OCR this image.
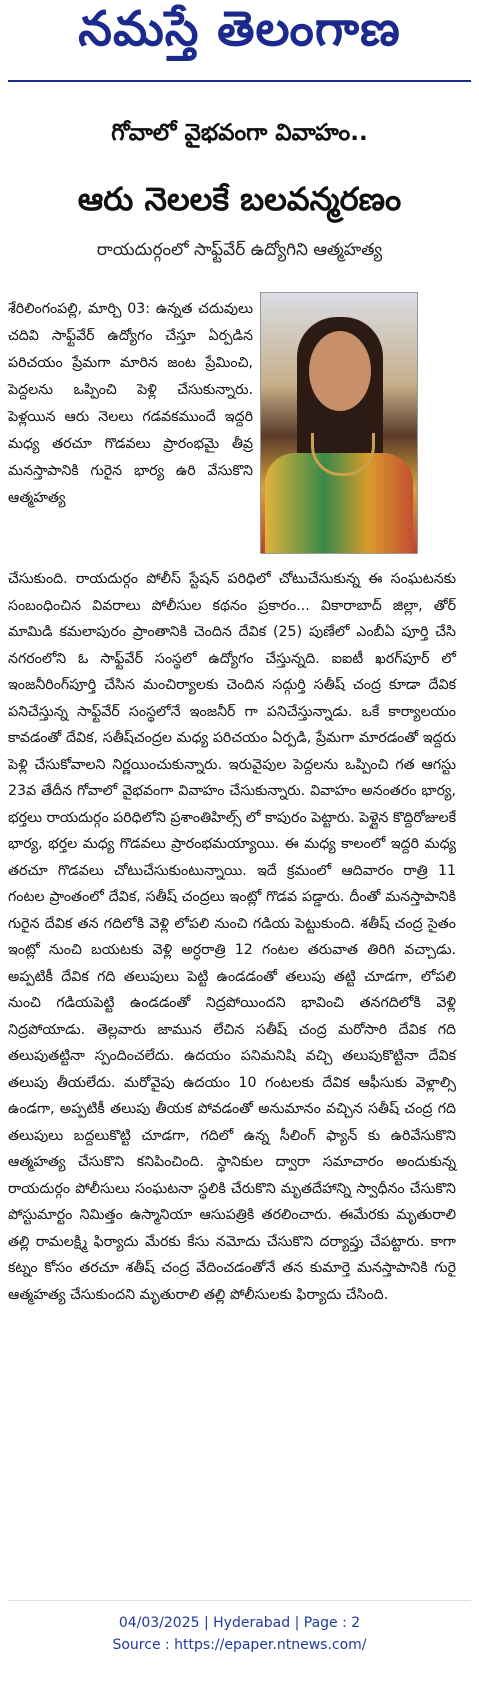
నమస్తే తెలంగాణ
గోవాలో వైభవంగా వివాహం..
ఆరు నెలలకే బలవన్మరణం
రాయదుర్గంలో సాఫ్ట్‌వేర్ ఉద్యోగిని ఆత్మహత్య
శేరిలింగంపల్లి, మార్చి 03: ఉన్నత చదువులు చదివి సాఫ్ట్‌వేర్ ఉద్యోగం చేస్తూ ఏర్పడిన పరిచయం ప్రేమగా మారిన జంట ప్రేమించి, పెద్దలను ఒప్పించి పెళ్లి చేసుకున్నారు. పెళ్లయిన ఆరు నెలలు గడవకముందే ఇద్దరి మధ్య తరచూ గొడవలు ప్రారంభమై తీవ్ర మనస్తాపానికి గురైన భార్య ఉరి వేసుకొని ఆత్మహత్య
చేసుకుంది. రాయదుర్గం పోలీస్ స్టేషన్ పరిధిలో చోటుచేసుకున్న ఈ సంఘటనకు సంబంధించిన వివరాలు పోలీసుల కథనం ప్రకారం... వికారాబాద్ జిల్లా, తోర్ మామిడి కమలాపురం ప్రాంతానికి చెందిన దేవిక (25) పుణేలో ఎంబీఏ పూర్తి చేసి నగరంలోని ఓ సాఫ్ట్‌వేర్ సంస్థలో ఉద్యోగం చేస్తున్నది. ఐఐటీ ఖరగ్‌పూర్ లో ఇంజనీరింగ్‌పూర్తి చేసిన మంచిర్యాలకు చెందిన సద్గుర్తి సతీష్ చంద్ర కూడా దేవిక పనిచేస్తున్న సాఫ్ట్‌వేర్ సంస్థలోనే ఇంజనీర్ గా పనిచేస్తున్నాడు. ఒకే కార్యాలయం కావడంతో దేవిక, సతీష్‌చంద్రల మధ్య పరిచయం ఏర్పడి, ప్రేమగా మారడంతో ఇద్దరు పెళ్లి చేసుకోవాలని నిర్ణయించుకున్నారు. ఇరువైపుల పెద్దలను ఒప్పించి గత ఆగస్టు 23వ తేదీన గోవాలో వైభవంగా వివాహం చేసుకున్నారు. వివాహం అనంతరం భార్య, భర్తలు రాయదుర్గం పరిధిలోని ప్రశాంతిహిల్స్ లో కాపురం పెట్టారు. పెళ్లైన కొద్దిరోజులకే భార్య, భర్తల మధ్య గొడవలు ప్రారంభమయ్యాయి. ఈ మధ్య కాలంలో ఇద్దరి మధ్య తరచూ గొడవలు చోటుచేసుకుంటున్నాయి. ఇదే క్రమంలో ఆదివారం రాత్రి 11 గంటల ప్రాంతంలో దేవిక, సతీష్ చంద్రలు ఇంట్లో గొడవ పడ్డారు. దీంతో మనస్తాపానికి గురైన దేవిక తన గదిలోకి వెళ్లి లోపలి నుంచి గడియ పెట్టుకుంది. శతీష్ చంద్ర సైతం ఇంట్లో నుంచి బయటకు వెళ్లి అర్ధరాత్రి 12 గంటల తరువాత తిరిగి వచ్చాడు. అప్పటికీ దేవిక గది తలుపులు పెట్టి ఉండడంతో తలుపు తట్టి చూడగా, లోపలి నుంచి గడియపెట్టి ఉండడంతో నిద్రపోయిందని భావించి తనగదిలోకి వెళ్లి నిద్రపోయాడు. తెల్లవారు జామున లేచిన సతీష్ చంద్ర మరోసారి దేవిక గది తలుపుతట్టినా స్పందించలేదు. ఉదయం పనిమనిషి వచ్చి తలుపుకొట్టినా దేవిక తలుపు తీయలేదు. మరోవైపు ఉదయం 10 గంటలకు దేవిక ఆఫీసుకు వెళ్లాల్సి ఉండగా, అప్పటికీ తలుపు తీయక పోవడంతో అనుమానం వచ్చిన సతీష్ చంద్ర గది తలుపులు బద్దలుకొట్టి చూడగా, గదిలో ఉన్న సీలింగ్ ఫ్యాన్ కు ఉరివేసుకొని ఆత్మహత్య చేసుకొని కనిపించింది. స్థానికుల ద్వారా సమాచారం అందుకున్న రాయదుర్గం పోలీసులు సంఘటనా స్థలికి చేరుకొని మృతదేహాన్ని స్వాధీనం చేసుకొని పోస్టుమార్టం నిమిత్తం ఉస్మానియా ఆసుపత్రికి తరలించారు. ఈమేరకు మృతురాలి తల్లి రామలక్ష్మి ఫిర్యాదు మేరకు కేసు నమోదు చేసుకొని దర్యాప్తు చేపట్టారు. కాగా కట్నం కోసం తరచూ శతీష్ చంద్ర వేదించడంతోనే తన కుమార్తె మనస్తాపానికి గురై ఆత్మహత్య చేసుకుందని మృతురాలి తల్లి పోలీసులకు ఫిర్యాదు చేసింది.
04/03/2025 | Hyderabad | Page : 2
Source : https://epaper.ntnews.com/
